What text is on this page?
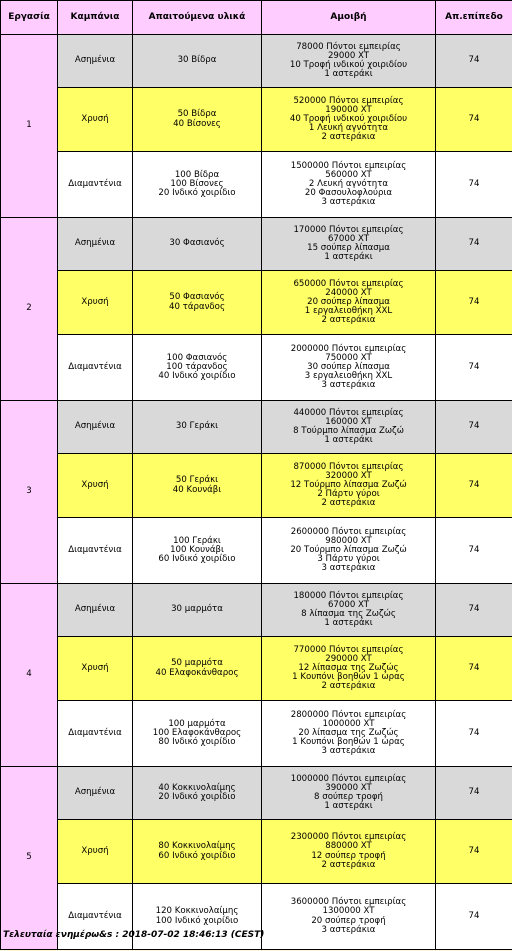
Εργασία	Καμπάνια	Απαιτούμενα υλικά	Αμοιβή	Απ.επίπεδο
1	Ασημένια	30 Βίδρα	78000 Πόντοι εμπειρίας
29000 XT
10 Τροφή ινδικού χοιριδίου
1 αστεράκι	74
	Χρυσή	50 Βίδρα
40 Βίσονες	520000 Πόντοι εμπειρίας
190000 XT
40 Τροφή ινδικού χοιριδίου
1 Λευκή αγνότητα
2 αστεράκια	74
	Διαμαντένια	100 Βίδρα
100 Βίσονες
20 Ινδικό χοιρίδιο	1500000 Πόντοι εμπειρίας
560000 XT
2 Λευκή αγνότητα
20 Φασουλοφλούρια
3 αστεράκια	74
2	Ασημένια	30 Φασιανός	170000 Πόντοι εμπειρίας
67000 XT
15 σούπερ λίπασμα
1 αστεράκι	74
	Χρυσή	50 Φασιανός
40 τάρανδος	650000 Πόντοι εμπειρίας
240000 XT
20 σούπερ λίπασμα
1 εργαλειοθήκη XXL
2 αστεράκια	74
	Διαμαντένια	100 Φασιανός
100 τάρανδος
40 Ινδικό χοιρίδιο	2000000 Πόντοι εμπειρίας
750000 XT
30 σούπερ λίπασμα
3 εργαλειοθήκη XXL
3 αστεράκια	74
3	Ασημένια	30 Γεράκι	440000 Πόντοι εμπειρίας
160000 XT
8 Τούρμπο λίπασμα Ζωζώ
1 αστεράκι	74
	Χρυσή	50 Γεράκι
40 Κουνάβι	870000 Πόντοι εμπειρίας
320000 XT
12 Τούρμπο λίπασμα Ζωζώ
2 Πάρτυ γύροι
2 αστεράκια	74
	Διαμαντένια	100 Γεράκι
100 Κουνάβι
60 Ινδικό χοιρίδιο	2600000 Πόντοι εμπειρίας
980000 XT
20 Τούρμπο λίπασμα Ζωζώ
3 Πάρτυ γύροι
3 αστεράκια	74
4	Ασημένια	30 μαρμότα	180000 Πόντοι εμπειρίας
67000 XT
8 λίπασμα της Ζωζώς
1 αστεράκι	74
	Χρυσή	50 μαρμότα
40 Ελαφοκάνθαρος	770000 Πόντοι εμπειρίας
290000 XT
12 λίπασμα της Ζωζώς
1 Κουπόνι βοηθών 1 ώρας
2 αστεράκια	74
	Διαμαντένια	100 μαρμότα
100 Ελαφοκάνθαρος
80 Ινδικό χοιρίδιο	2800000 Πόντοι εμπειρίας
1000000 XT
20 λίπασμα της Ζωζώς
1 Κουπόνι βοηθών 1 ώρας
3 αστεράκια	74
5	Ασημένια	40 Κοκκινολαίμης
20 Ινδικό χοιρίδιο	1000000 Πόντοι εμπειρίας
390000 XT
8 σούπερ τροφή
1 αστεράκι	74
	Χρυσή	80 Κοκκινολαίμης
60 Ινδικό χοιρίδιο	2300000 Πόντοι εμπειρίας
880000 XT
12 σούπερ τροφή
2 αστεράκια	74
	Διαμαντένια	120 Κοκκινολαίμης
100 Ινδικό χοιρίδιο	3600000 Πόντοι εμπειρίας
1300000 XT
20 σούπερ τροφή
3 αστεράκια	74
Τελευταία ενημέρω&s : 2018-07-02 18:46:13 (CEST)
